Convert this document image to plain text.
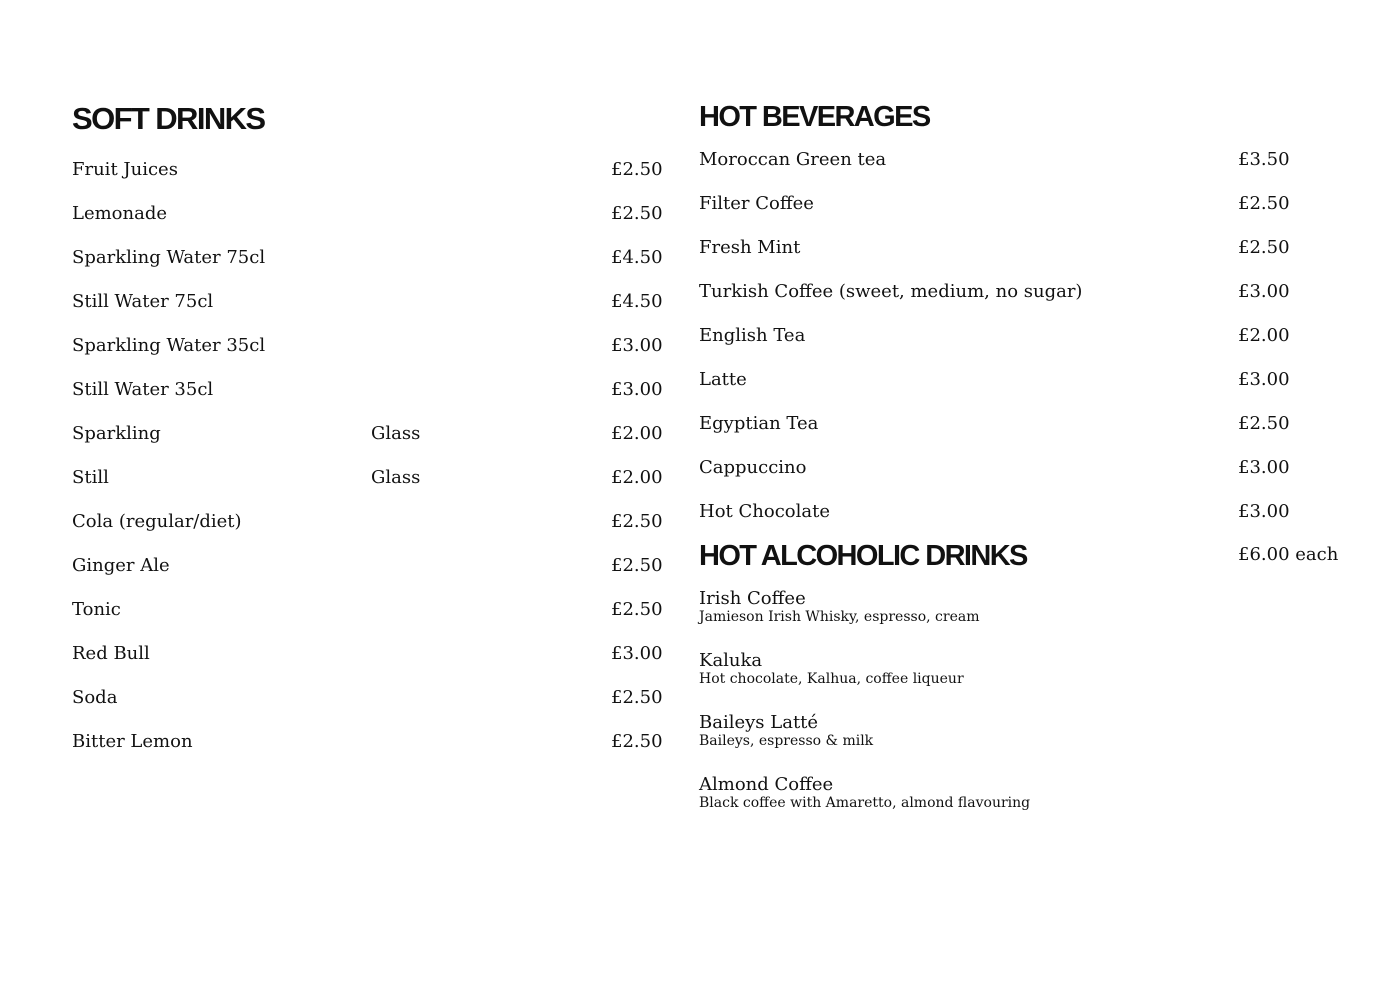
SOFT DRINKS
Fruit Juices	£2.50
Lemonade	£2.50
Sparkling Water 75cl	£4.50
Still Water 75cl	£4.50
Sparkling Water 35cl	£3.00
Still Water 35cl	£3.00
Sparkling	Glass	£2.00
Still	Glass	£2.00
Cola (regular/diet)	£2.50
Ginger Ale	£2.50
Tonic	£2.50
Red Bull	£3.00
Soda	£2.50
Bitter Lemon	£2.50
HOT BEVERAGES
Moroccan Green tea	£3.50
Filter Coffee	£2.50
Fresh Mint	£2.50
Turkish Coffee (sweet, medium, no sugar)	£3.00
English Tea	£2.00
Latte	£3.00
Egyptian Tea	£2.50
Cappuccino	£3.00
Hot Chocolate	£3.00
HOT ALCOHOLIC DRINKS	£6.00 each
Irish Coffee
Jamieson Irish Whisky, espresso, cream
Kaluka
Hot chocolate, Kalhua, coffee liqueur
Baileys Latté
Baileys, espresso & milk
Almond Coffee
Black coffee with Amaretto, almond flavouring
